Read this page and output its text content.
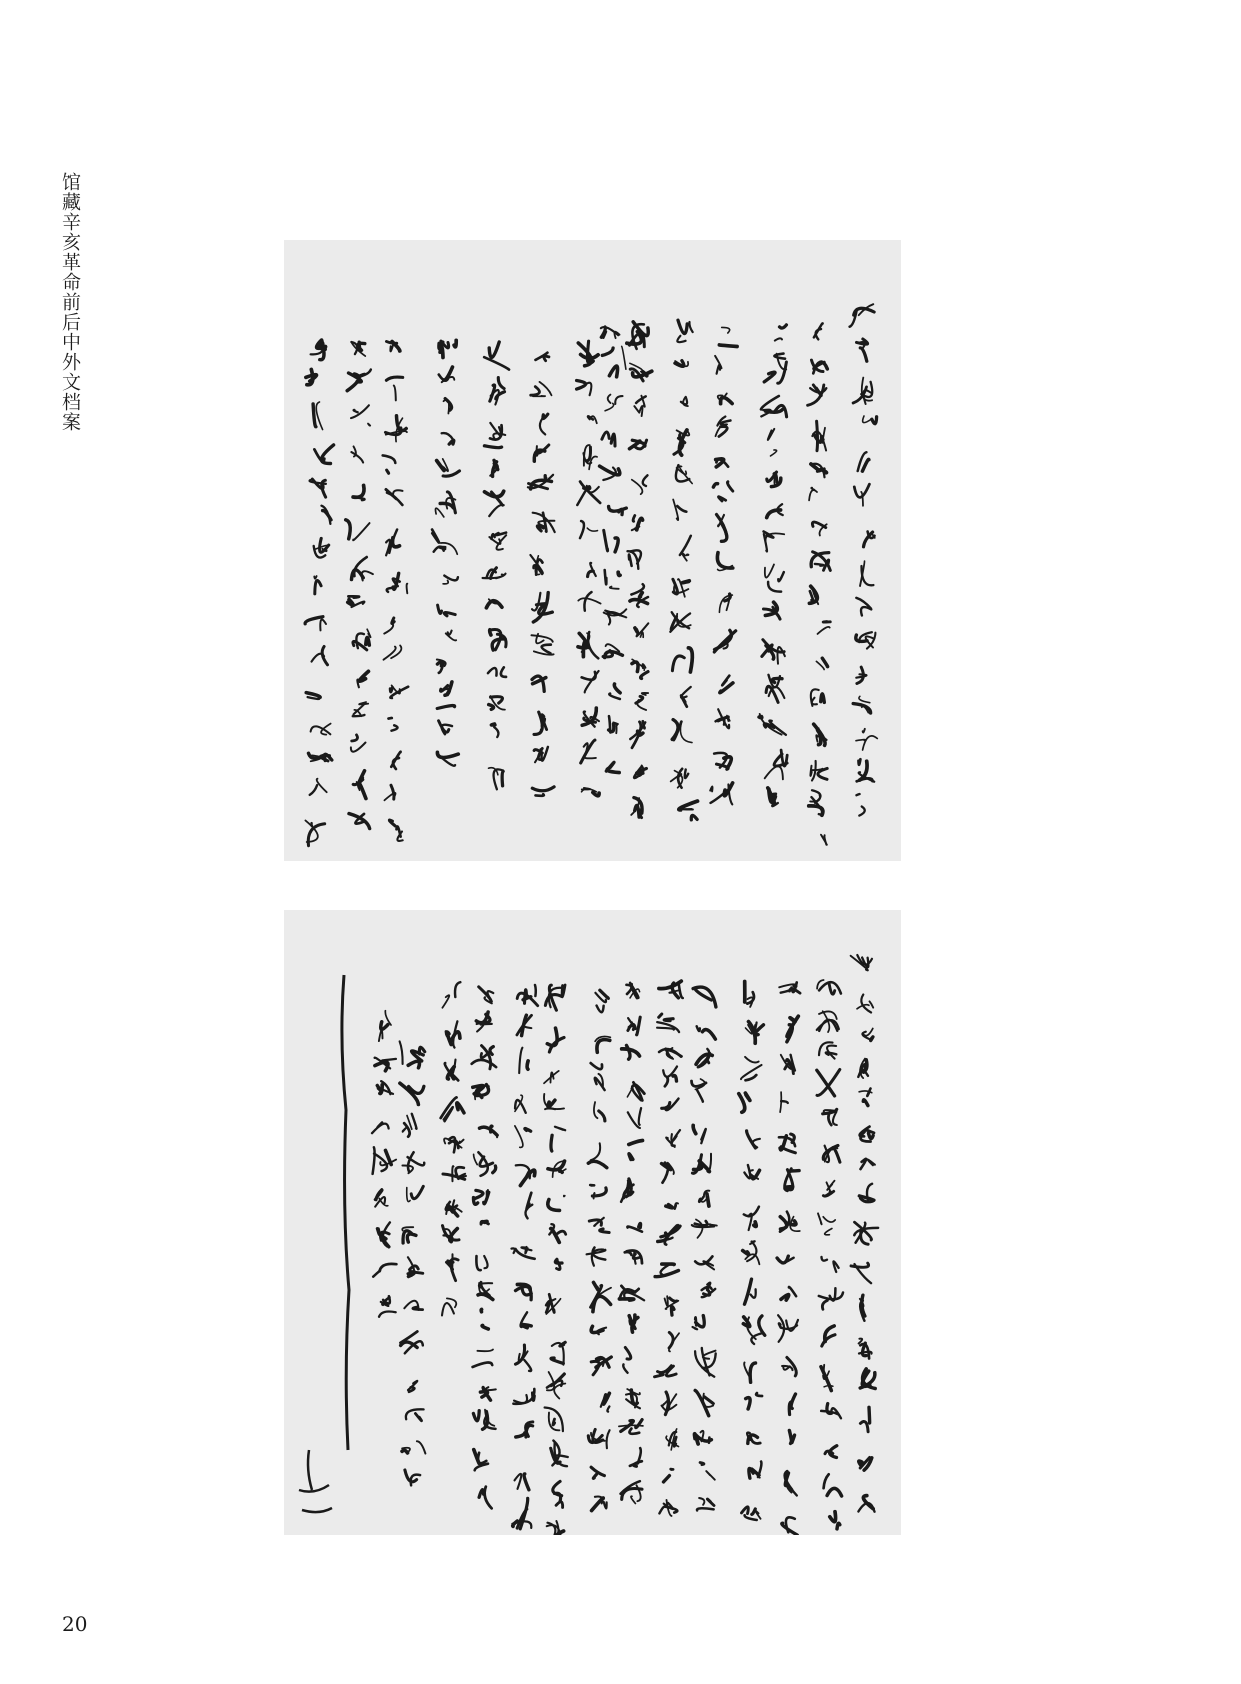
馆藏辛亥革命前后中外文档案
20
